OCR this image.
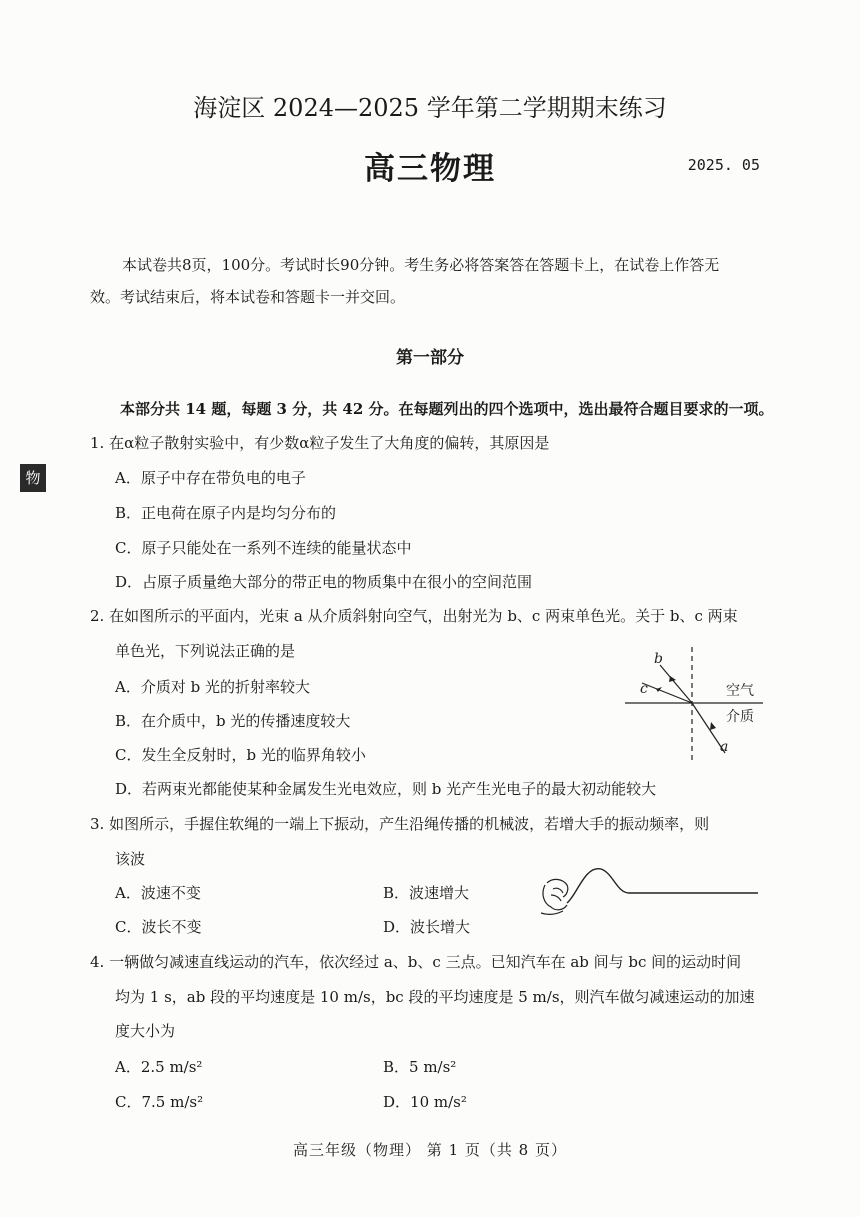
海淀区 2024—2025 学年第二学期期末练习
高三物理	2025. 05
本试卷共8页，100分。考试时长90分钟。考生务必将答案答在答题卡上，在试卷上作答无
效。考试结束后，将本试卷和答题卡一并交回。
第一部分
本部分共 14 题，每题 3 分，共 42 分。在每题列出的四个选项中，选出最符合题目要求的一项。
物
1. 在α粒子散射实验中，有少数α粒子发生了大角度的偏转，其原因是
A．原子中存在带负电的电子
B．正电荷在原子内是均匀分布的
C．原子只能处在一系列不连续的能量状态中
D．占原子质量绝大部分的带正电的物质集中在很小的空间范围
2. 在如图所示的平面内，光束 a 从介质斜射向空气，出射光为 b、c 两束单色光。关于 b、c 两束
单色光，下列说法正确的是
A．介质对 b 光的折射率较大
B．在介质中，b 光的传播速度较大
C．发生全反射时，b 光的临界角较小
D．若两束光都能使某种金属发生光电效应，则 b 光产生光电子的最大初动能较大
b
c
a
空气
介质
3. 如图所示，手握住软绳的一端上下振动，产生沿绳传播的机械波，若增大手的振动频率，则
该波
A．波速不变	B．波速增大
C．波长不变	D．波长增大
4. 一辆做匀减速直线运动的汽车，依次经过 a、b、c 三点。已知汽车在 ab 间与 bc 间的运动时间
均为 1 s，ab 段的平均速度是 10 m/s，bc 段的平均速度是 5 m/s，则汽车做匀减速运动的加速
度大小为
A．2.5 m/s²	B．5 m/s²
C．7.5 m/s²	D．10 m/s²
高三年级（物理） 第 1 页（共 8 页）
